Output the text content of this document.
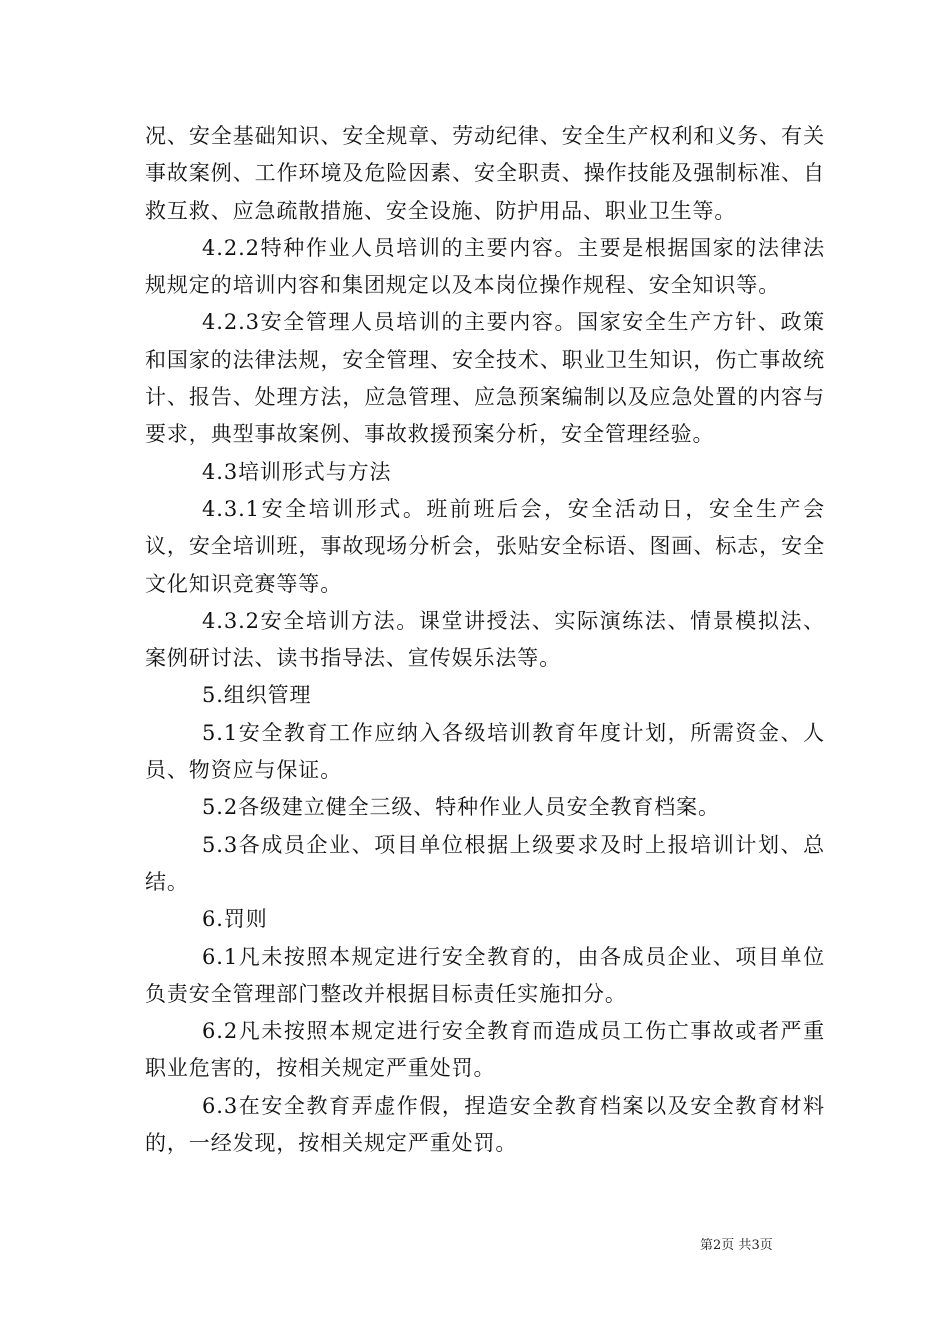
况、安全基础知识、安全规章、劳动纪律、安全生产权利和义务、有关事故案例、工作环境及危险因素、安全职责、操作技能及强制标准、自救互救、应急疏散措施、安全设施、防护用品、职业卫生等。

4.2.2特种作业人员培训的主要内容。主要是根据国家的法律法规规定的培训内容和集团规定以及本岗位操作规程、安全知识等。

4.2.3安全管理人员培训的主要内容。国家安全生产方针、政策和国家的法律法规，安全管理、安全技术、职业卫生知识，伤亡事故统计、报告、处理方法，应急管理、应急预案编制以及应急处置的内容与要求，典型事故案例、事故救援预案分析，安全管理经验。

4.3培训形式与方法

4.3.1安全培训形式。班前班后会，安全活动日，安全生产会议，安全培训班，事故现场分析会，张贴安全标语、图画、标志，安全文化知识竞赛等等。

4.3.2安全培训方法。课堂讲授法、实际演练法、情景模拟法、案例研讨法、读书指导法、宣传娱乐法等。

5.组织管理

5.1安全教育工作应纳入各级培训教育年度计划，所需资金、人员、物资应与保证。

5.2各级建立健全三级、特种作业人员安全教育档案。

5.3各成员企业、项目单位根据上级要求及时上报培训计划、总结。

6.罚则

6.1凡未按照本规定进行安全教育的，由各成员企业、项目单位负责安全管理部门整改并根据目标责任实施扣分。

6.2凡未按照本规定进行安全教育而造成员工伤亡事故或者严重职业危害的，按相关规定严重处罚。

6.3在安全教育弄虚作假，捏造安全教育档案以及安全教育材料的，一经发现，按相关规定严重处罚。

第2页 共3页
